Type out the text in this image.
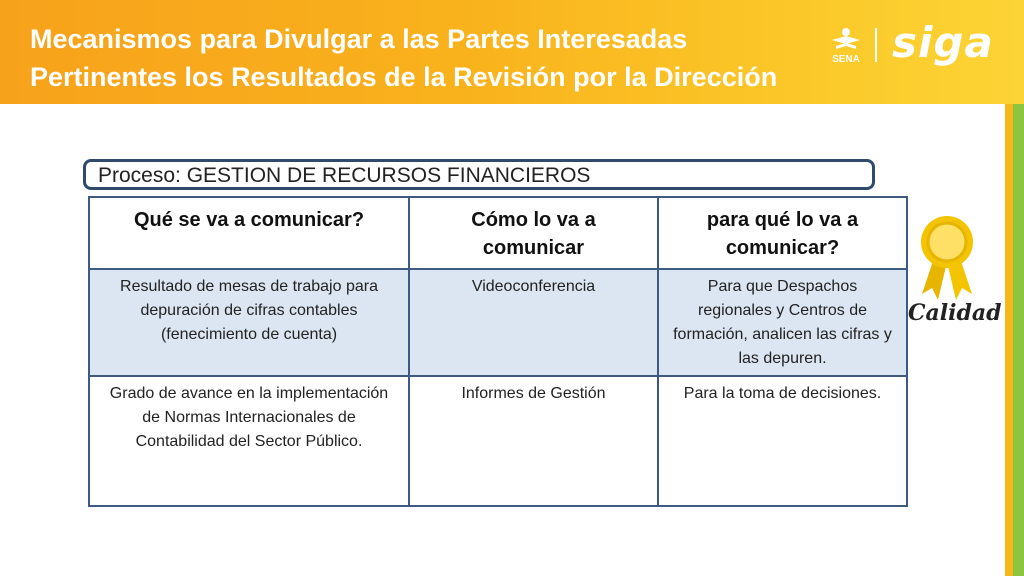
Mecanismos para Divulgar a las Partes Interesadas
Pertinentes los Resultados de la Revisión por la Dirección
SENA siga
Proceso: GESTION DE RECURSOS FINANCIEROS
Qué se va a comunicar?	Cómo lo va a comunicar	para qué lo va a comunicar?
Resultado de mesas de trabajo para depuración de cifras contables (fenecimiento de cuenta)	Videoconferencia	Para que Despachos regionales y Centros de formación, analicen las cifras y las depuren.
Grado de avance en la implementación de Normas Internacionales de Contabilidad del Sector Público.	Informes de Gestión	Para la toma de decisiones.
Calidad
